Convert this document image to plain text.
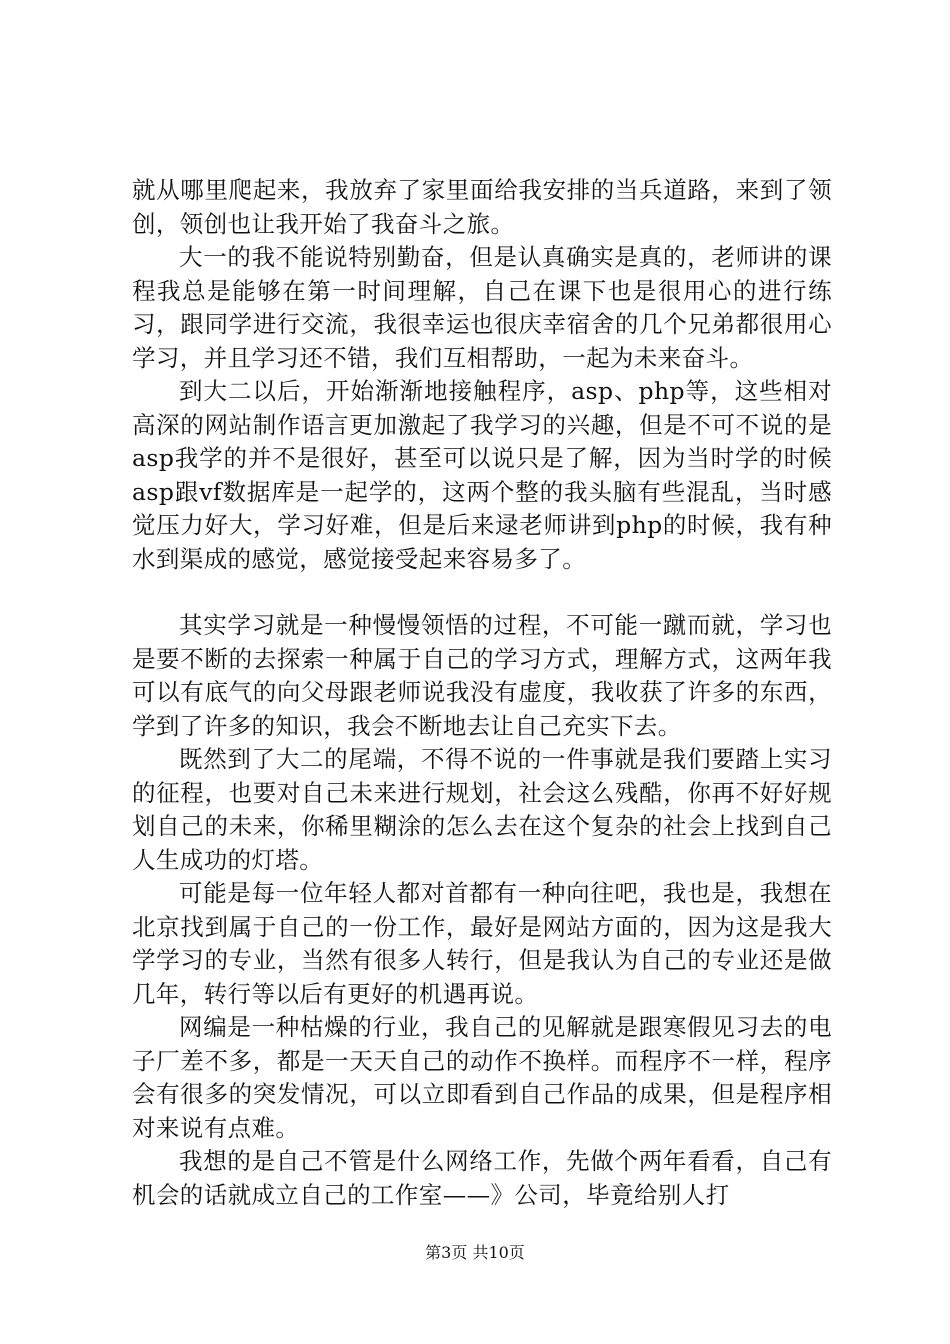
就从哪里爬起来，我放弃了家里面给我安排的当兵道路，来到了领创，领创也让我开始了我奋斗之旅。

大一的我不能说特别勤奋，但是认真确实是真的，老师讲的课程我总是能够在第一时间理解，自己在课下也是很用心的进行练习，跟同学进行交流，我很幸运也很庆幸宿舍的几个兄弟都很用心学习，并且学习还不错，我们互相帮助，一起为未来奋斗。

到大二以后，开始渐渐地接触程序，asp、php等，这些相对高深的网站制作语言更加激起了我学习的兴趣，但是不可不说的是asp我学的并不是很好，甚至可以说只是了解，因为当时学的时候asp跟vf数据库是一起学的，这两个整的我头脑有些混乱，当时感觉压力好大，学习好难，但是后来逯老师讲到php的时候，我有种水到渠成的感觉，感觉接受起来容易多了。

其实学习就是一种慢慢领悟的过程，不可能一蹴而就，学习也是要不断的去探索一种属于自己的学习方式，理解方式，这两年我可以有底气的向父母跟老师说我没有虚度，我收获了许多的东西，学到了许多的知识，我会不断地去让自己充实下去。

既然到了大二的尾端，不得不说的一件事就是我们要踏上实习的征程，也要对自己未来进行规划，社会这么残酷，你再不好好规划自己的未来，你稀里糊涂的怎么去在这个复杂的社会上找到自己人生成功的灯塔。

可能是每一位年轻人都对首都有一种向往吧，我也是，我想在北京找到属于自己的一份工作，最好是网站方面的，因为这是我大学学习的专业，当然有很多人转行，但是我认为自己的专业还是做几年，转行等以后有更好的机遇再说。

网编是一种枯燥的行业，我自己的见解就是跟寒假见习去的电子厂差不多，都是一天天自己的动作不换样。而程序不一样，程序会有很多的突发情况，可以立即看到自己作品的成果，但是程序相对来说有点难。

我想的是自己不管是什么网络工作，先做个两年看看，自己有机会的话就成立自己的工作室——》公司，毕竟给别人打

第3页 共10页
